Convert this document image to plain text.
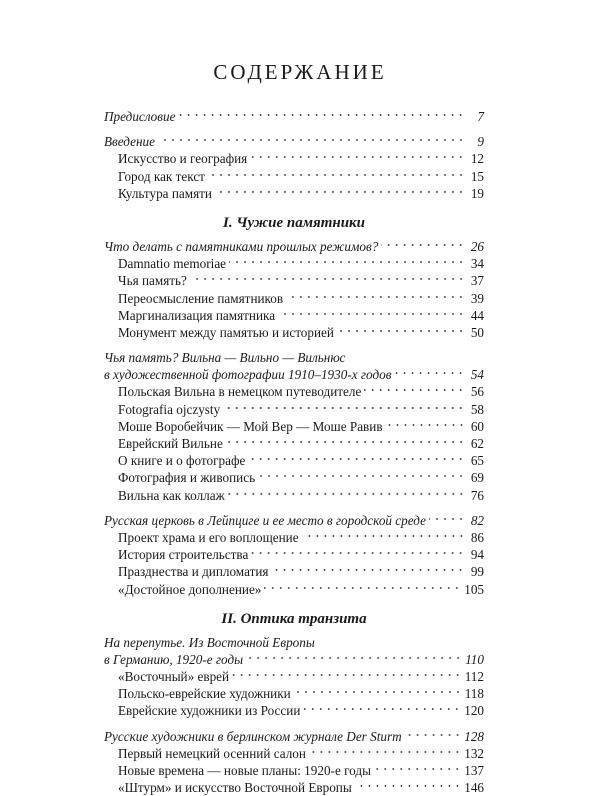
СОДЕРЖАНИЕ
Предисловие	7
Введение	9
Искусство и география	12
Город как текст	15
Культура памяти	19
I. Чужие памятники
Что делать с памятниками прошлых режимов?	26
Damnatio memoriae	34
Чья память?	37
Переосмысление памятников	39
Маргинализация памятника	44
Монумент между памятью и историей	50
Чья память? Вильна — Вильно — Вильнюс
в художественной фотографии 1910–1930-х годов	54
Польская Вильна в немецком путеводителе	56
Fotografia ojczysty	58
Моше Воробейчик — Мой Вер — Моше Равив	60
Еврейский Вильне	62
О книге и о фотографе	65
Фотография и живопись	69
Вильна как коллаж	76
Русская церковь в Лейпциге и ее место в городской среде	82
Проект храма и его воплощение	86
История строительства	94
Празднества и дипломатия	99
«Достойное дополнение»	105
II. Оптика транзита
На перепутье. Из Восточной Европы
в Германию, 1920-е годы	110
«Восточный» еврей	112
Польско-еврейские художники	118
Еврейские художники из России	120
Русские художники в берлинском журнале Der Sturm	128
Первый немецкий осенний салон	132
Новые времена — новые планы: 1920-е годы	137
«Штурм» и искусство Восточной Европы	146
